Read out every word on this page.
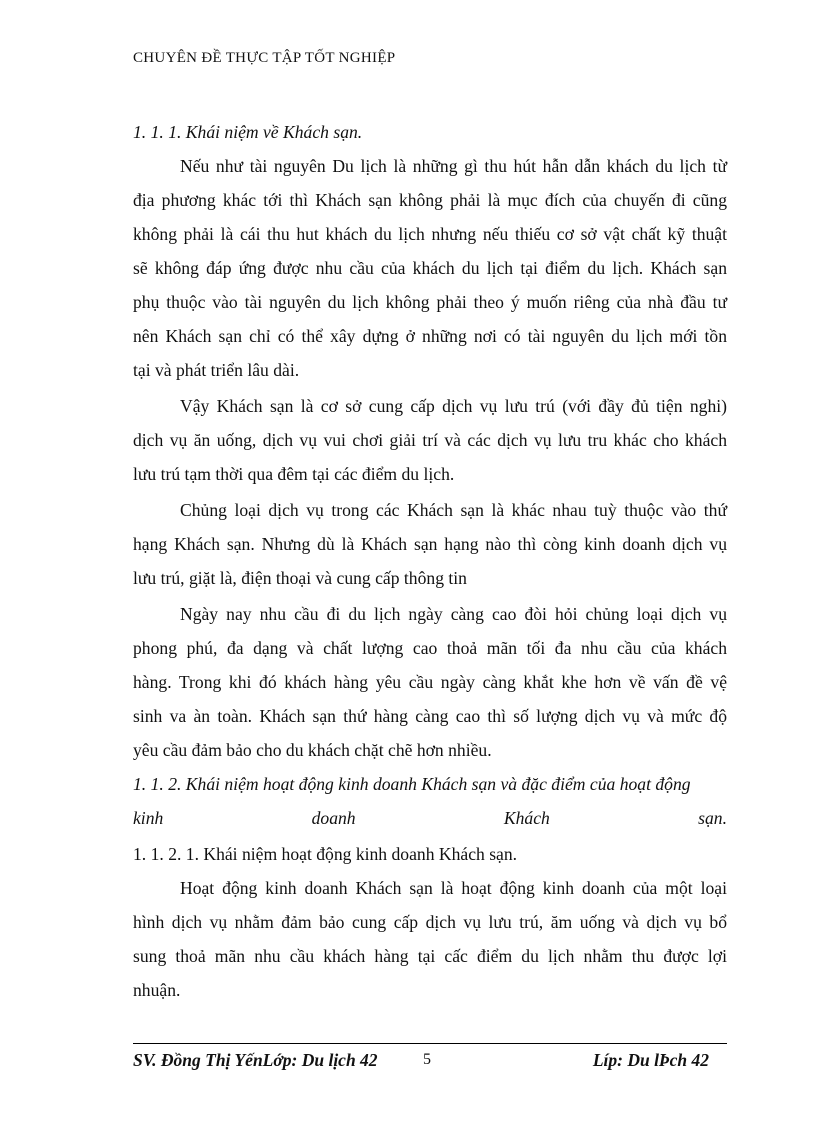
CHUYÊN ĐỀ THỰC TẬP TỐT NGHIỆP
1. 1. 1. Khái niệm về Khách sạn.
Nếu như tài nguyên Du lịch là những gì thu hút hẫn dẫn khách du lịch từ
địa phương khác tới thì Khách sạn không phải là mục đích của chuyến đi cũng
không phải là cái thu hut khách du lịch nhưng nếu thiếu cơ sở vật chất kỹ thuật
sẽ không đáp ứng được nhu cầu của khách du lịch tại điểm du lịch. Khách sạn
phụ thuộc vào tài nguyên du lịch không phải theo ý muốn riêng của nhà đầu tư
nên Khách sạn chỉ có thể xây dựng ở những nơi có tài nguyên du lịch mới tồn
tại và phát triển lâu dài.
Vậy Khách sạn là cơ sở cung cấp dịch vụ lưu trú (với đầy đủ tiện nghi)
dịch vụ ăn uống, dịch vụ vui chơi giải trí và các dịch vụ lưu tru khác cho khách
lưu trú tạm thời qua đêm tại các điểm du lịch.
Chủng loại dịch vụ trong các Khách sạn là khác nhau tuỳ thuộc vào thứ
hạng Khách sạn. Nhưng dù là Khách sạn hạng nào thì còng kinh doanh dịch vụ
lưu trú, giặt là, điện thoại và cung cấp thông tin
Ngày nay nhu cầu đi du lịch ngày càng cao đòi hỏi chủng loại dịch vụ
phong phú, đa dạng và chất lượng cao thoả mãn tối đa nhu cầu của khách
hàng. Trong khi đó khách hàng yêu cầu ngày càng khắt khe hơn về vấn đề vệ
sinh va àn toàn. Khách sạn thứ hàng càng cao thì số lượng dịch vụ và mức độ
yêu cầu đảm bảo cho du khách chặt chẽ hơn nhiều.
1. 1. 2. Khái niệm hoạt động kinh doanh Khách sạn và đặc điểm của hoạt động
kinh doanh Khách sạn.
1. 1. 2. 1. Khái niệm hoạt động kinh doanh Khách sạn.
Hoạt động kinh doanh Khách sạn là hoạt động kinh doanh của một loại
hình dịch vụ nhằm đảm bảo cung cấp dịch vụ lưu trú, ăm uống và dịch vụ bổ
sung thoả mãn nhu cầu khách hàng tại cấc điểm du lịch nhằm thu được lợi
nhuận.
SV. Đồng Thị YếnLớp: Du lịch 42	5	Líp: Du lÞch 42
